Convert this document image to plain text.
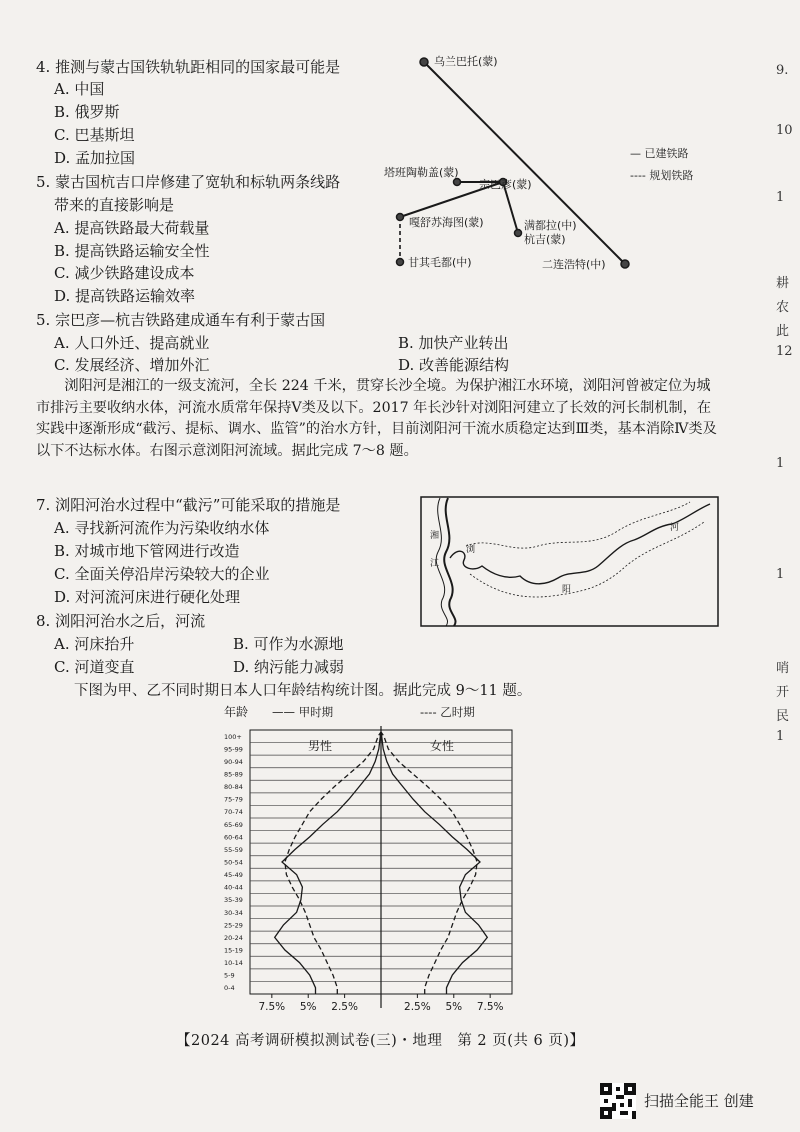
4. 推测与蒙古国铁轨轨距相同的国家最可能是
A. 中国
B. 俄罗斯
C. 巴基斯坦
D. 孟加拉国
5. 蒙古国杭吉口岸修建了宽轨和标轨两条线路
带来的直接影响是
A. 提高铁路最大荷载量
B. 提高铁路运输安全性
C. 减少铁路建设成本
D. 提高铁路运输效率
5. 宗巴彦—杭吉铁路建成通车有利于蒙古国
A. 人口外迁、提高就业	B. 加快产业转出
C. 发展经济、增加外汇	D. 改善能源结构
乌兰巴托(蒙)
塔班陶勒盖(蒙)
宗巴彦(蒙)
嘎舒苏海图(蒙)	满都拉(中)
杭吉(蒙)
甘其毛都(中)	二连浩特(中)
— 已建铁路
---- 规划铁路
浏阳河是湘江的一级支流河，全长 224 千米，贯穿长沙全境。为保护湘江水环境，浏阳河曾被定位为城市排污主要收纳水体，河流水质常年保持Ⅴ类及以下。2017 年长沙针对浏阳河建立了长效的河长制机制，在实践中逐渐形成“截污、提标、调水、监管”的治水方针，目前浏阳河干流水质稳定达到Ⅲ类，基本消除Ⅳ类及以下不达标水体。右图示意浏阳河流域。据此完成 7～8 题。
7. 浏阳河治水过程中“截污”可能采取的措施是
A. 寻找新河流作为污染收纳水体
B. 对城市地下管网进行改造
C. 全面关停沿岸污染较大的企业
D. 对河流河床进行硬化处理
8. 浏阳河治水之后，河流
A. 河床抬升	B. 可作为水源地
C. 河道变直	D. 纳污能力减弱
湘
江
浏
阳
河
下图为甲、乙不同时期日本人口年龄结构统计图。据此完成 9～11 题。
年龄 —— 甲时期	---- 乙时期
0-4
5-9
10-14
15-19
20-24
25-29
30-34
35-39
40-44
45-49
50-54
55-59
60-64
65-69
70-74
75-79
80-84
85-89
90-94
95-99
100+
男性	女性
7.5% 5% 2.5%	2.5% 5% 7.5%
【2024 高考调研模拟测试卷(三)・地理　第 2 页(共 6 页)】
扫描全能王 创建
9.
10
1
耕
农
此
12
1
1
哨
开
民
1
